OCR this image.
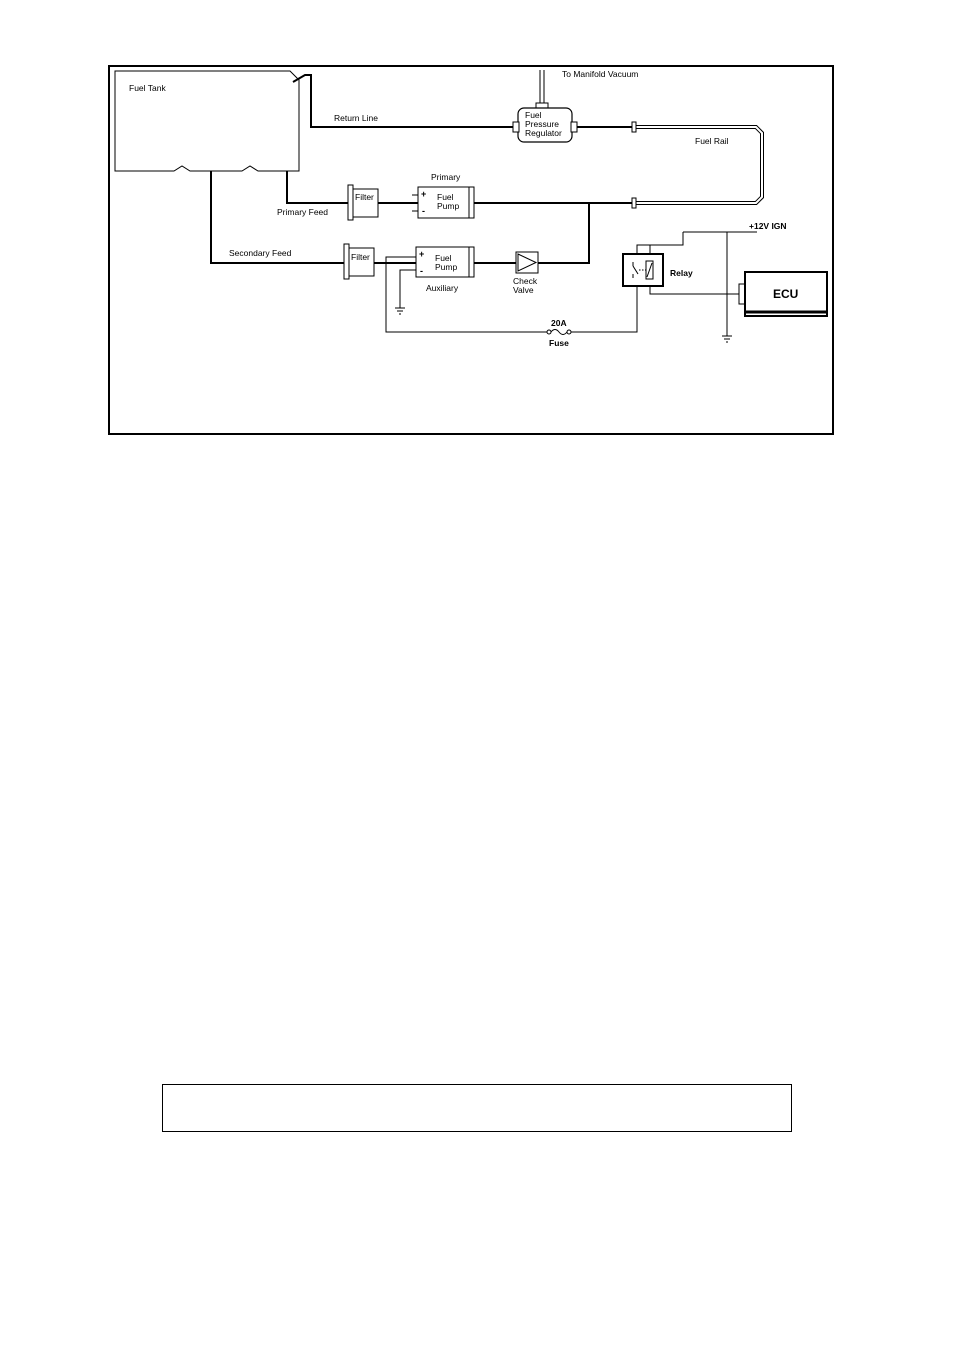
Fuel Tank
Return Line
To Manifold Vacuum
Fuel
Pressure
Regulator
Fuel Rail
Primary Feed
Filter
Primary
+
-
Fuel
Pump
Secondary Feed	Filter	+
-
Fuel
Pump
Auxiliary
Check
Valve
20A
Fuse
Relay
+12V IGN
ECU
